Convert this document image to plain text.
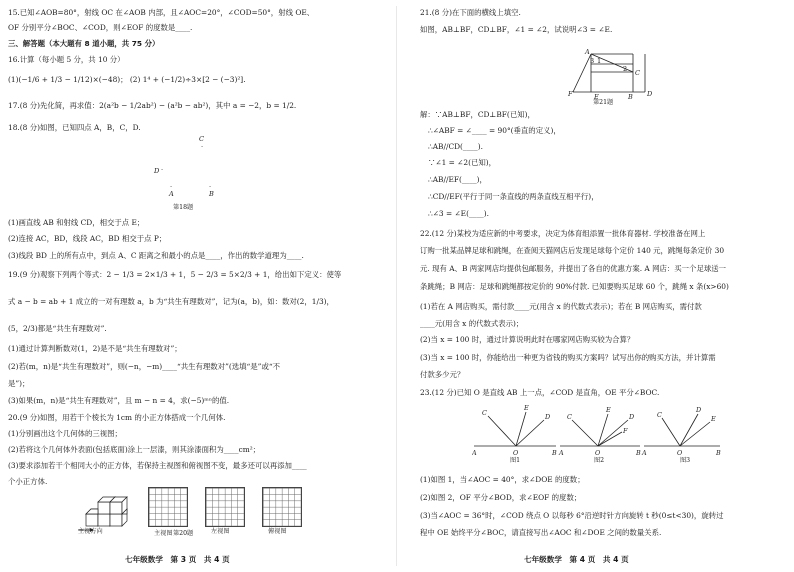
15.已知∠AOB=80°，射线 OC 在∠AOB 内部，且∠AOC=20°，∠COD=50°，射线 OE、
OF 分别平分∠BOC、∠COD，则∠EOF 的度数是____.
三、解答题（本大题有 8 道小题，共 75 分）
16.计算（每小题 5 分，共 10 分）
(1)(−1/6 + 1/3 − 1/12)×(−48)； (2) 1⁴ + (−1/2)÷3×[2 − (−3)²].
17.(8 分)先化简，再求值：2(a²b − 1/2ab²) − (a²b − ab²)，其中 a = −2，b = 1/2.
18.(8 分)如图，已知四点 A，B，C，D.
C
·
D ·
·
A
·
B
第18题
(1)画直线 AB 和射线 CD，相交于点 E；
(2)连接 AC，BD，线段 AC，BD 相交于点 P；
(3)线段 BD 上的所有点中，到点 A、C 距离之和最小的点是____，作出的数学道理为____.
19.(9 分)观察下列两个等式：2 − 1/3 = 2×1/3 + 1，5 − 2/3 = 5×2/3 + 1，给出如下定义：使等
式 a − b = ab + 1 成立的一对有理数 a，b 为“共生有理数对”，记为(a，b)，如：数对(2，1/3)，
(5，2/3)都是“共生有理数对”.
(1)通过计算判断数对(1，2)是不是“共生有理数对”；
(2)若(m，n)是“共生有理数对”，则(−n，−m)____“共生有理数对”(选填“是”或“不
是”)；
(3)如果(m，n)是“共生有理数对”，且 m − n = 4，求(−5)ᵐⁿ的值.
20.(9 分)如图，用若干个棱长为 1cm 的小正方体搭成一个几何体.
(1)分别画出这个几何体的三视图；
(2)若将这个几何体外表面(包括底面)涂上一层漆，则其涂漆面积为____cm²；
(3)要求添加若干个相同大小的正方体，若保持主视图和俯视图不变，最多还可以再添加____
个小正方体.
主视方向	第20题
主视图	左视图	俯视图
七年级数学　第 3 页　共 4 页
21.(8 分)在下面的横线上填空.
如图，AB⊥BF，CD⊥BF，∠1 = ∠2，试说明∠3 = ∠E.
A
3 1
2 C
F	E	B D
第21题
解：∵AB⊥BF，CD⊥BF(已知)，
∴∠ABF = ∠____ = 90°(垂直的定义)，
∴AB//CD(____).
∵∠1 = ∠2(已知)，
∴AB//EF(____)，
∴CD//EF(平行于同一条直线的两条直线互相平行)，
∴∠3 = ∠E(____).
22.(12 分)某校为适应新的中考要求，决定为体育组添置一批体育器材. 学校准备在网上
订购一批某品牌足球和跳绳，在查阅天猫网店后发现足球每个定价 140 元，跳绳每条定价 30
元. 现有 A、B 两家网店均提供包邮服务，并提出了各自的优惠方案. A 网店：买一个足球送一
条跳绳；B 网店：足球和跳绳都按定价的 90%付款. 已知要购买足球 60 个，跳绳 x 条(x>60)
(1)若在 A 网店购买，需付款____元(用含 x 的代数式表示)；若在 B 网店购买，需付款
____元(用含 x 的代数式表示)；
(2)当 x = 100 时，通过计算说明此时在哪家网店购买较为合算？
(3)当 x = 100 时，你能给出一种更为省钱的购买方案吗？试写出你的购买方法，并计算需
付款多少元？
23.(12 分)已知 O 是直线 AB 上一点，∠COD 是直角，OE 平分∠BOC.
A	O	B
C
E
D
A	O	B
C
E
D
F
A	O	B
C
D
E
图1	图2	图3
(1)如图 1，当∠AOC = 40°，求∠DOE 的度数；
(2)如图 2，OF 平分∠BOD，求∠EOF 的度数；
(3)当∠AOC = 36°时，∠COD 绕点 O 以每秒 6°沿逆时针方向旋转 t 秒(0≤t<30)，旋转过
程中 OE 始终平分∠BOC，请直接写出∠AOC 和∠DOE 之间的数量关系.
七年级数学　第 4 页　共 4 页
